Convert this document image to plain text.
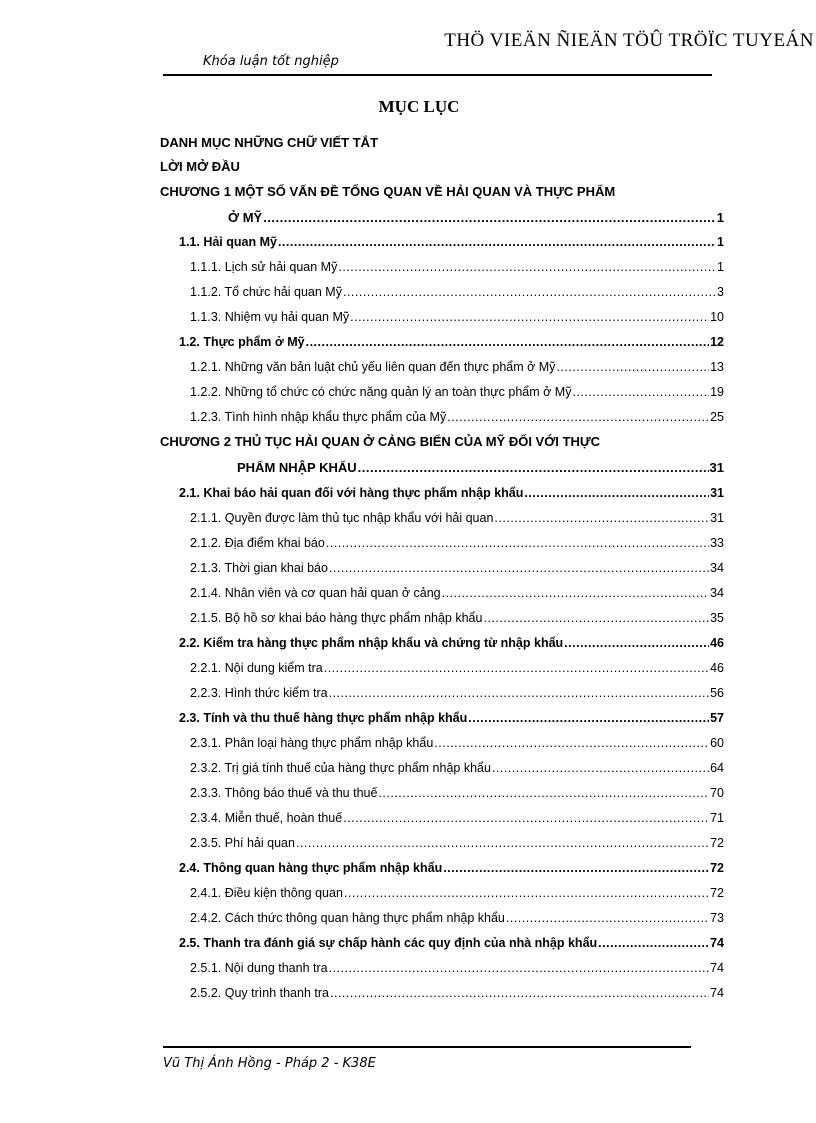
THÖ VIEÄN ÑIEÄN TÖÛ TRÖÏC TUYEÁN
Khóa luận tốt nghiệp
MỤC LỤC
DANH MỤC NHỮNG CHỮ VIẾT TẮT
LỜI MỞ ĐẦU
CHƯƠNG 1 MỘT SỐ VẤN ĐỀ TỔNG QUAN VỀ HẢI QUAN VÀ THỰC PHẨM
Ở MỸ .....	1
1.1. Hải quan Mỹ .....	1
1.1.1. Lịch sử hải quan Mỹ .....	1
1.1.2. Tổ chức hải quan Mỹ .....	3
1.1.3. Nhiệm vụ hải quan Mỹ .....	10
1.2. Thực phẩm ở Mỹ .....	12
1.2.1. Những văn bản luật chủ yếu liên quan đến thực phẩm ở Mỹ .....	13
1.2.2. Những tổ chức có chức năng quản lý an toàn thực phẩm ở Mỹ .....	19
1.2.3. Tình hình nhập khẩu thực phẩm của Mỹ .....	25
CHƯƠNG 2 THỦ TỤC HẢI QUAN Ở CẢNG BIỂN CỦA MỸ ĐỐI VỚI THỰC
PHẨM NHẬP KHẨU .....	31
2.1. Khai báo hải quan đối với hàng thực phẩm nhập khẩu .....	31
2.1.1. Quyền được làm thủ tục nhập khẩu với hải quan .....	31
2.1.2. Địa điểm khai báo .....	33
2.1.3. Thời gian khai báo .....	34
2.1.4. Nhân viên và cơ quan hải quan ở cảng .....	34
2.1.5. Bộ hồ sơ khai báo hàng thực phẩm nhập khẩu .....	35
2.2. Kiểm tra hàng thực phẩm nhập khẩu và chứng từ nhập khẩu .....	46
2.2.1. Nội dung kiểm tra .....	46
2.2.3. Hình thức kiểm tra .....	56
2.3. Tính và thu thuế hàng thực phẩm nhập khẩu .....	57
2.3.1. Phân loại hàng thực phẩm nhập khẩu .....	60
2.3.2. Trị giá tính thuế của hàng thực phẩm nhập khẩu .....	64
2.3.3. Thông báo thuế và thu thuế .....	70
2.3.4. Miễn thuế, hoàn thuế .....	71
2.3.5. Phí hải quan .....	72
2.4. Thông quan hàng thực phẩm nhập khẩu .....	72
2.4.1. Điều kiện thông quan .....	72
2.4.2. Cách thức thông quan hàng thực phẩm nhập khẩu .....	73
2.5. Thanh tra đánh giá sự chấp hành các quy định của nhà nhập khẩu .....	74
2.5.1. Nội dung thanh tra .....	74
2.5.2. Quy trình thanh tra .....	74
Vũ Thị Ánh Hồng - Pháp 2 - K38E
